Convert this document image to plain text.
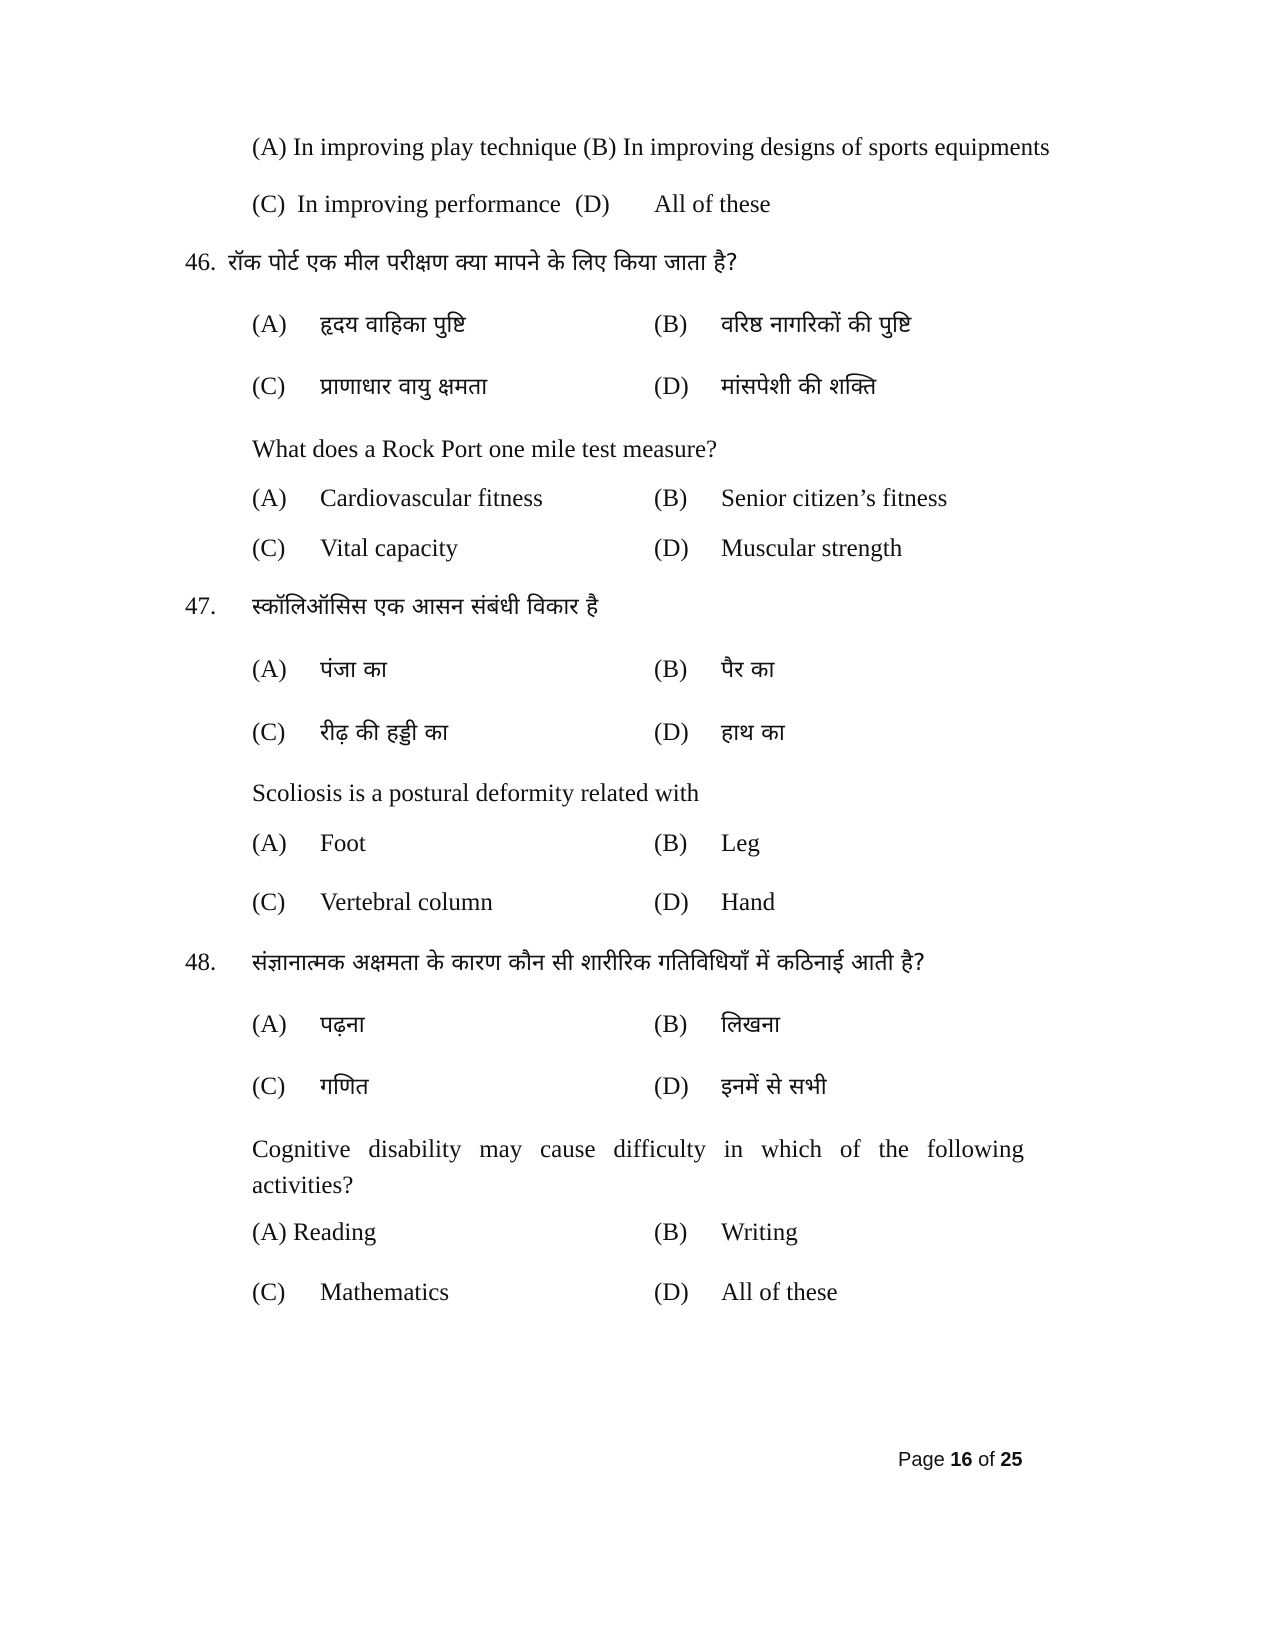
(A) In improving play technique (B) In improving designs of sports equipments
(C) In improving performance (D) All of these
46. रॉक पोर्ट एक मील परीक्षण क्या मापने के लिए किया जाता है?
(A) हृदय वाहिका पुष्टि	(B) वरिष्ठ नागरिकों की पुष्टि
(C) प्राणाधार वायु क्षमता	(D) मांसपेशी की शक्ति
What does a Rock Port one mile test measure?
(A) Cardiovascular fitness	(B) Senior citizen’s fitness
(C) Vital capacity	(D) Muscular strength
47. स्कॉलिऑसिस एक आसन संबंधी विकार है
(A) पंजा का	(B) पैर का
(C) रीढ़ की हड्डी का	(D) हाथ का
Scoliosis is a postural deformity related with
(A) Foot	(B) Leg
(C) Vertebral column	(D) Hand
48. संज्ञानात्मक अक्षमता के कारण कौन सी शारीरिक गतिविधियॉं में कठिनाई आती है?
(A) पढ़ना	(B) लिखना
(C) गणित	(D) इनमें से सभी
Cognitive disability may cause difficulty in which of the following
activities?
(A) Reading	(B) Writing
(C) Mathematics	(D) All of these
Page 16 of 25
